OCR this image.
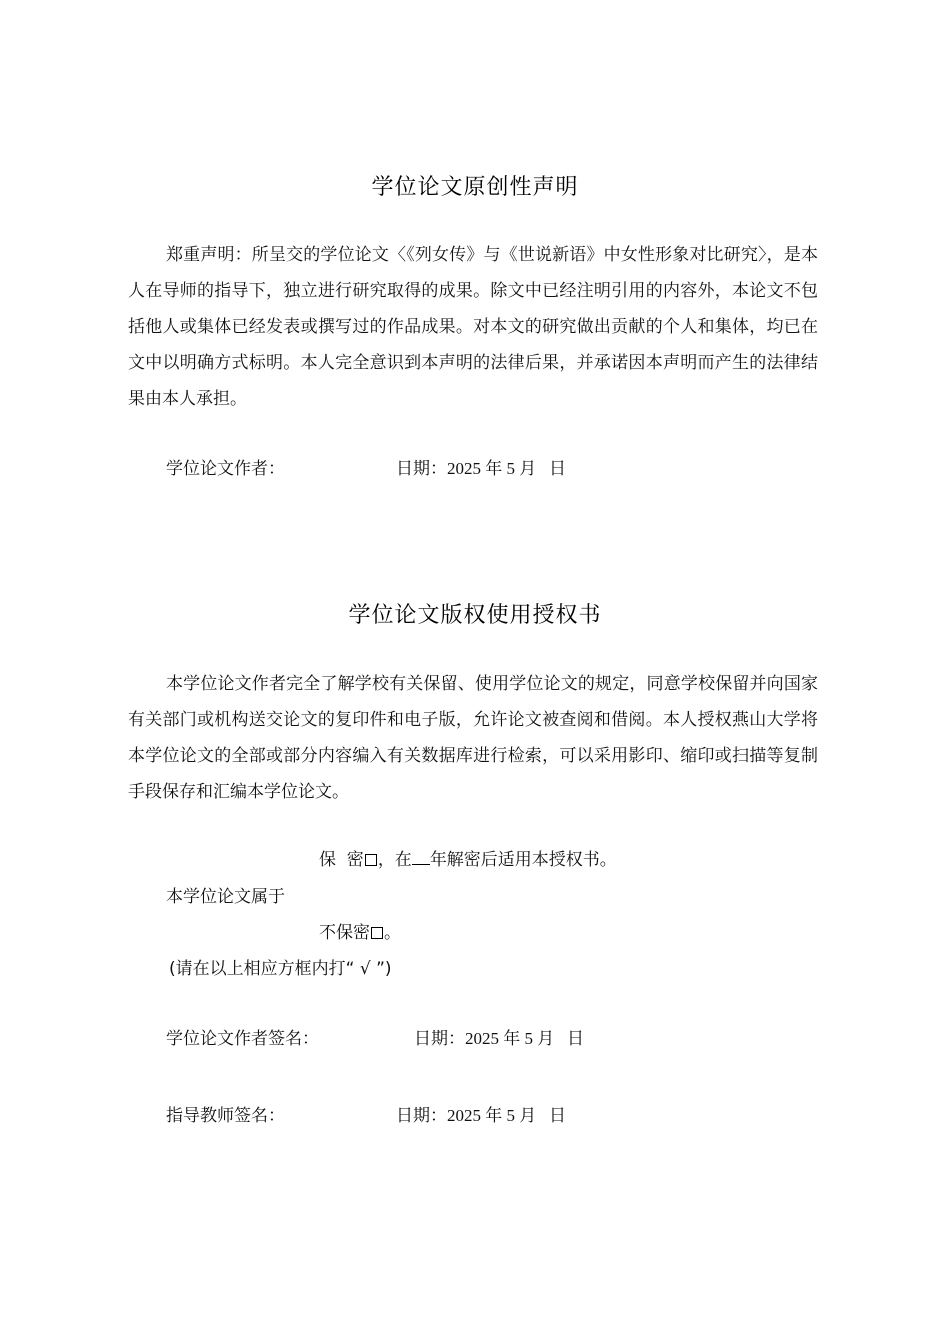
学位论文原创性声明
郑重声明：所呈交的学位论文〈《列女传》与《世说新语》中女性形象对比研究〉，是本人在导师的指导下，独立进行研究取得的成果。除文中已经注明引用的内容外，本论文不包括他人或集体已经发表或撰写过的作品成果。对本文的研究做出贡献的个人和集体，均已在文中以明确方式标明。本人完全意识到本声明的法律后果，并承诺因本声明而产生的法律结果由本人承担。
学位论文作者：	日期：2025 年 5 月   日
学位论文版权使用授权书
本学位论文作者完全了解学校有关保留、使用学位论文的规定，同意学校保留并向国家有关部门或机构送交论文的复印件和电子版，允许论文被查阅和借阅。本人授权燕山大学将本学位论文的全部或部分内容编入有关数据库进行检索，可以采用影印、缩印或扫描等复制手段保存和汇编本学位论文。
保  密 ，在 年解密后适用本授权书。
本学位论文属于
不保密 。
(请在以上相应方框内打“ √ ”)
学位论文作者签名：	日期：2025 年 5 月   日
指导教师签名：	日期：2025 年 5 月   日
